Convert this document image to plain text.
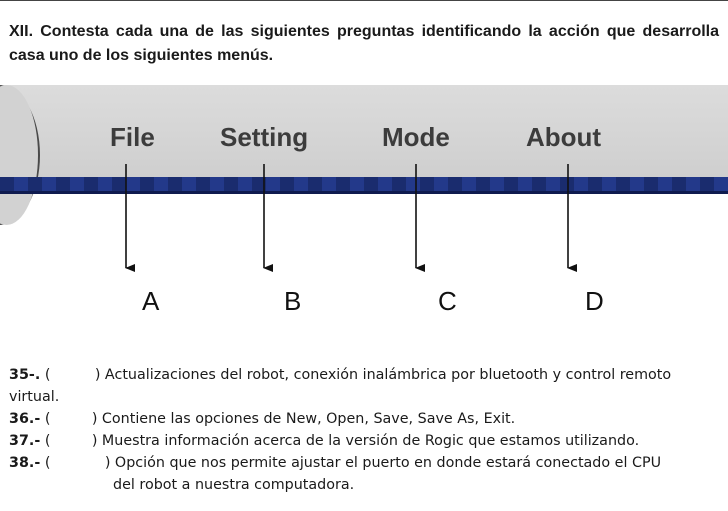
XII. Contesta cada una de las siguientes preguntas identificando la acción que desarrolla casa uno de los siguientes menús.
File	Setting	Mode	About
A	B	C	D
35-. (	) Actualizaciones del robot, conexión inalámbrica por bluetooth y control remoto
virtual.
36.- (	) Contiene las opciones de New, Open, Save, Save As, Exit.
37.- (	) Muestra información acerca de la versión de Rogic que estamos utilizando.
38.- (	) Opción que nos permite ajustar el puerto en donde estará conectado el CPU
del robot a nuestra computadora.
